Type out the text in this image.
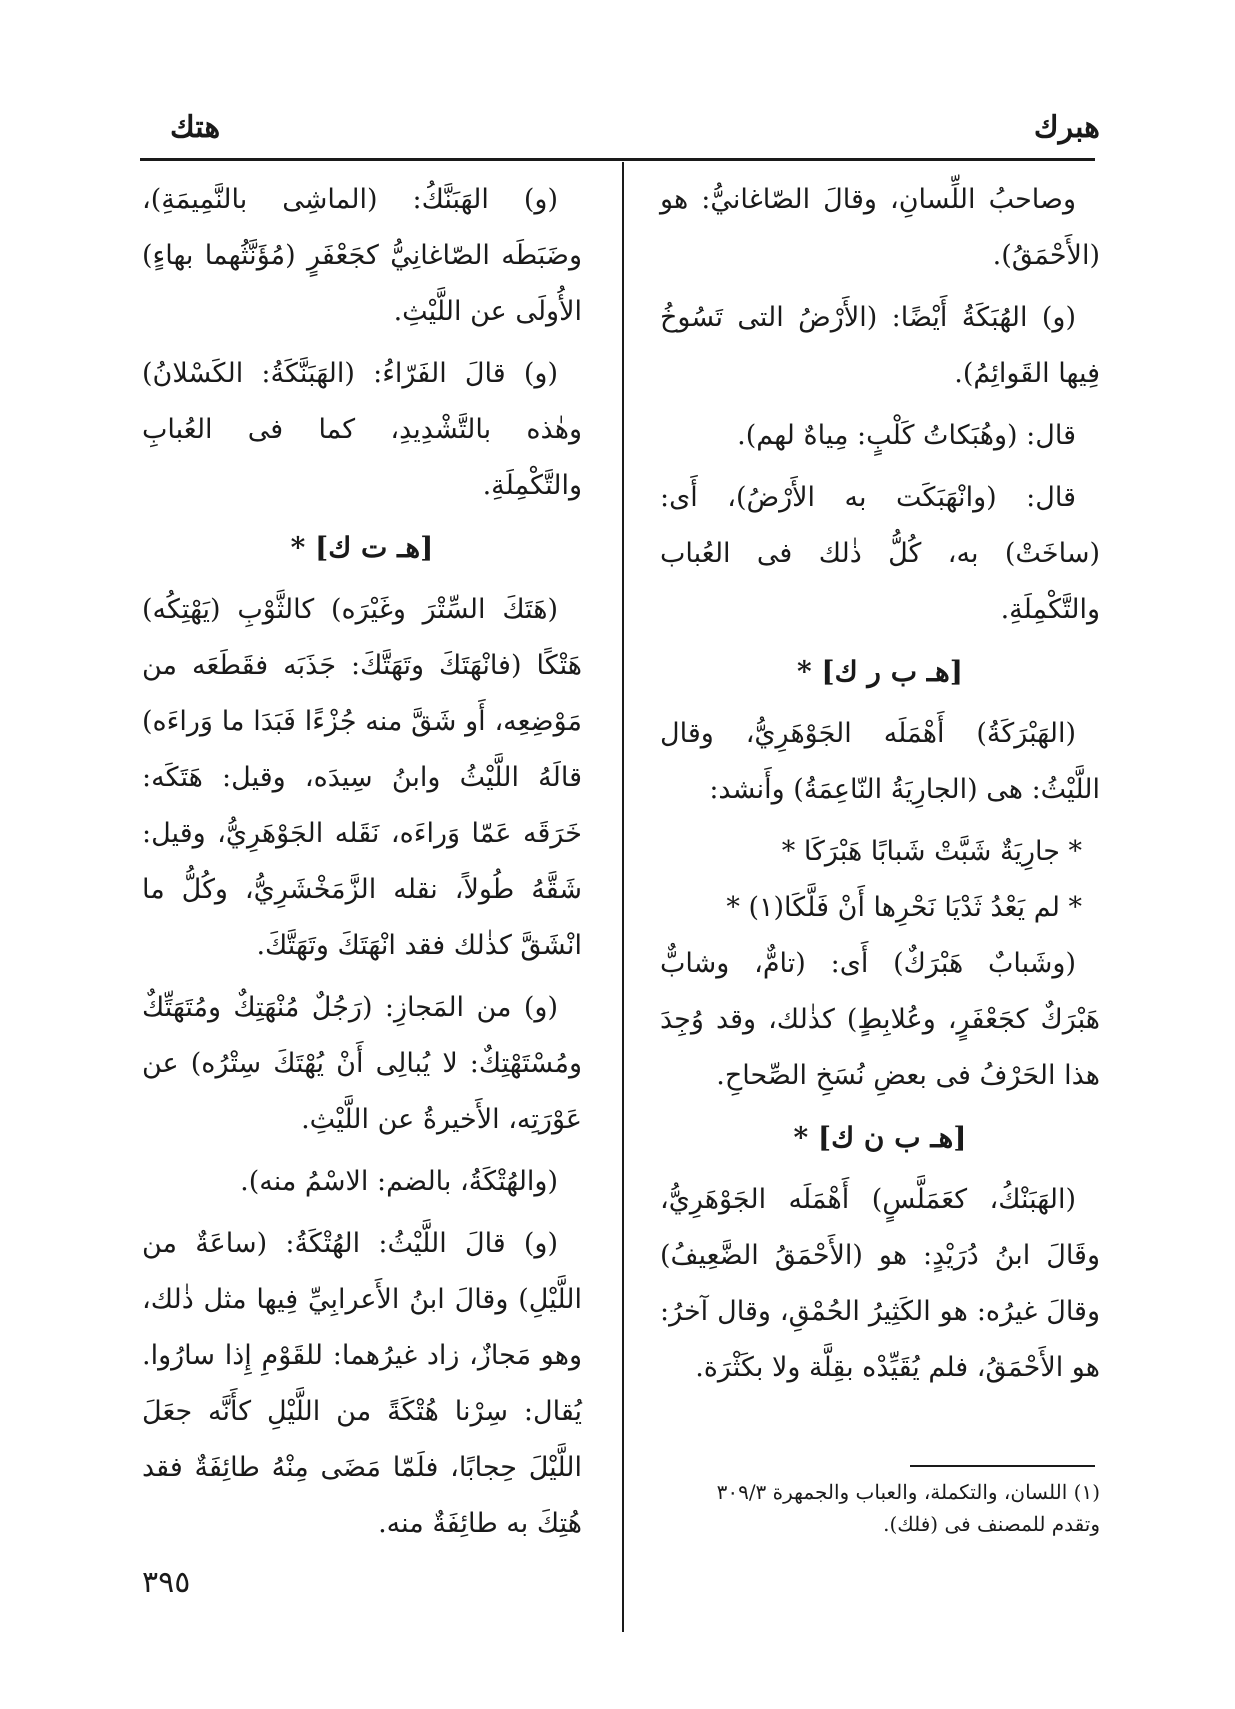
هبرك
هتك

وصاحبُ اللِّسانِ، وقالَ الصّاغانيُّ: هو (الأَحْمَقُ).

(و) الهُبَكَةُ أَيْضًا: (الأَرْضُ التى تَسُوخُ فِيها القَوائِمُ).

قال: (وهُبَكاتُ كَلْبٍ: مِياهٌ لهم).

قال: (وانْهَبَكَت به الأَرْضُ)، أَى: (ساخَتْ) به، كُلُّ ذٰلك فى العُباب والتَّكْمِلَةِ.

[هـ ب ر ك] *

(الهَبْرَكَةُ) أَهْمَلَه الجَوْهَرِيُّ، وقال اللَّيْثُ: هى (الجارِيَةُ النّاعِمَةُ) وأَنشد:

* جارِيَةٌ شَبَّتْ شَبابًا هَبْرَكَا *

* لم يَعْدُ ثَدْيَا نَحْرِها أَنْ فَلَّكَا(١) *

(وشَبابٌ هَبْرَكٌ) أَى: (تامٌّ، وشابٌّ هَبْرَكٌ كجَعْفَرٍ، وعُلابِطٍ) كذٰلك، وقد وُجِدَ هذا الحَرْفُ فى بعضِ نُسَخِ الصِّحاحِ.

[هـ ب ن ك] *

(الهَبَنْكُ، كعَمَلَّسٍ) أَهْمَلَه الجَوْهَرِيُّ، وقَالَ ابنُ دُرَيْدٍ: هو (الأَحْمَقُ الضَّعِيفُ) وقالَ غيرُه: هو الكَثِيرُ الحُمْقِ، وقال آخرُ: هو الأَحْمَقُ، فلم يُقَيِّدْه بقِلَّة ولا بكَثْرَة.

(و) الهَبَنَّكُ: (الماشِى بالنَّمِيمَةِ)، وضَبَطَه الصّاغانِيُّ كجَعْفَرٍ (مُؤَنَّثُهما بهاءٍ) الأُولَى عن اللَّيْثِ.

(و) قالَ الفَرّاءُ: (الهَبَنَّكَةُ: الكَسْلانُ) وهٰذه بالتَّشْدِيدِ، كما فى العُبابِ والتَّكْمِلَةِ.

[هـ ت ك] *

(هَتَكَ السِّتْرَ وغَيْرَه) كالثَّوْبِ (يَهْتِكُه) هَتْكًا (فانْهَتَكَ وتَهَتَّكَ: جَذَبَه فقَطَعَه من مَوْضِعِه، أَو شَقَّ منه جُزْءًا فَبَدَا ما وَراءَه) قالَهُ اللَّيْثُ وابنُ سِيدَه، وقيل: هَتَكَه: خَرَقَه عَمّا وَراءَه، نَقَله الجَوْهَرِيُّ، وقيل: شَقَّهُ طُولاً، نقله الزَّمَخْشَرِيُّ، وكُلُّ ما انْشَقَّ كذٰلك فقد انْهَتَكَ وتَهَتَّكَ.

(و) من المَجازِ: (رَجُلٌ مُنْهَتِكٌ ومُتَهَتِّكٌ ومُسْتَهْتِكٌ: لا يُبالِى أَنْ يُهْتَكَ سِتْرُه) عن عَوْرَتِه، الأَخيرةُ عن اللَّيْثِ.

(والهُتْكَةُ، بالضم: الاسْمُ منه).

(و) قالَ اللَّيْثُ: الهُتْكَةُ: (ساعَةٌ من اللَّيْلِ) وقالَ ابنُ الأَعرابِيِّ فِيها مثل ذٰلك، وهو مَجازٌ، زاد غيرُهما: للقَوْمِ إِذا سارُوا. يُقال: سِرْنا هُتْكَةً من اللَّيْلِ كأَنَّه جعَلَ اللَّيْلَ حِجابًا، فلَمّا مَضَى مِنْهُ طائِفَةٌ فقد هُتِكَ به طائِفَةٌ منه.

(١) اللسان، والتكملة، والعباب والجمهرة ٣٠٩/٣

وتقدم للمصنف فى (فلك).

٣٩٥
